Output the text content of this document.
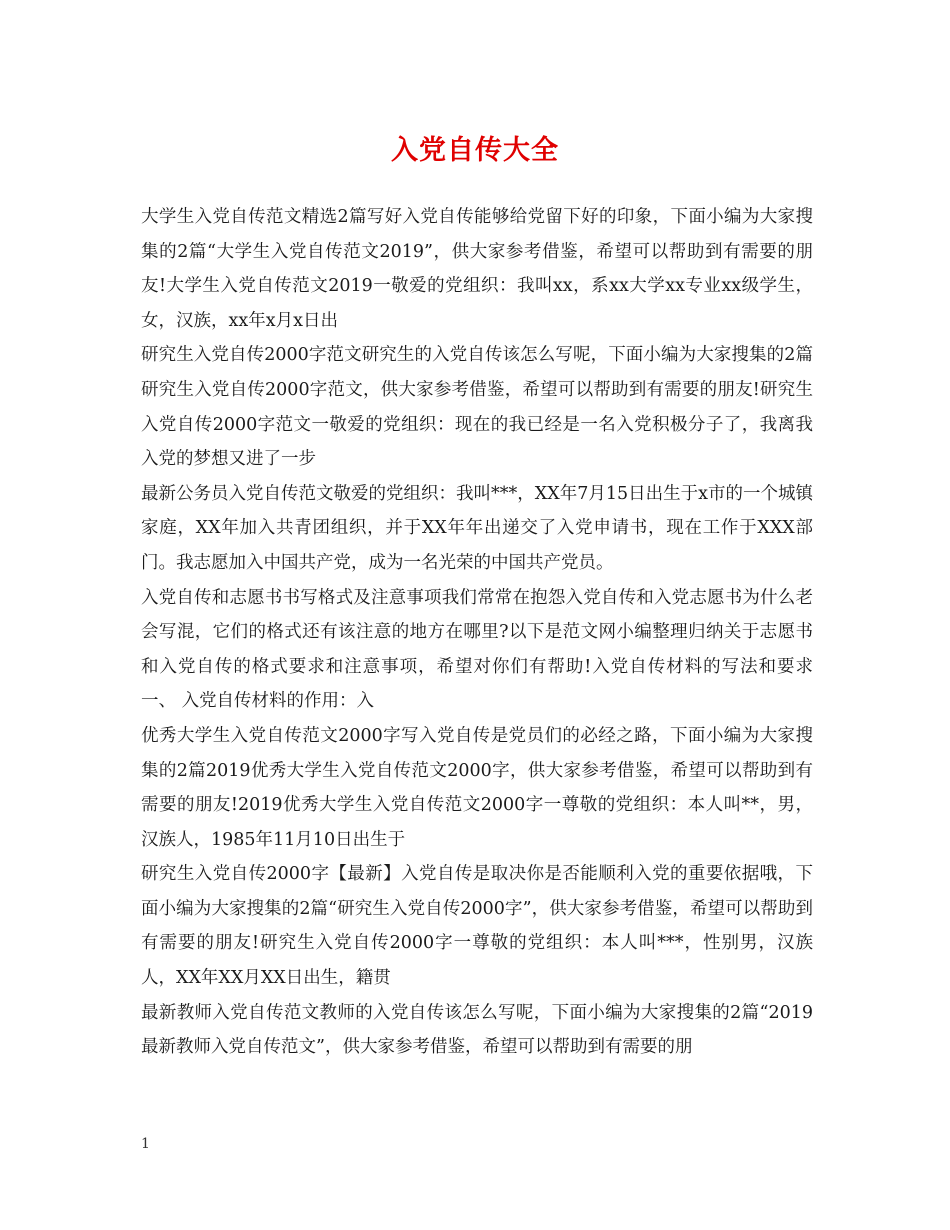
入党自传大全

大学生入党自传范文精选2篇写好入党自传能够给党留下好的印象，下面小编为大家搜集的2篇“大学生入党自传范文2019”，供大家参考借鉴，希望可以帮助到有需要的朋友!大学生入党自传范文2019一敬爱的党组织：我叫xx，系xx大学xx专业xx级学生，女，汉族，xx年x月x日出

研究生入党自传2000字范文研究生的入党自传该怎么写呢，下面小编为大家搜集的2篇研究生入党自传2000字范文，供大家参考借鉴，希望可以帮助到有需要的朋友!研究生入党自传2000字范文一敬爱的党组织：现在的我已经是一名入党积极分子了，我离我入党的梦想又进了一步

最新公务员入党自传范文敬爱的党组织：我叫***，XX年7月15日出生于x市的一个城镇家庭，XX年加入共青团组织，并于XX年年出递交了入党申请书，现在工作于XXX部门。我志愿加入中国共产党，成为一名光荣的中国共产党员。

入党自传和志愿书书写格式及注意事项我们常常在抱怨入党自传和入党志愿书为什么老会写混，它们的格式还有该注意的地方在哪里?以下是范文网小编整理归纳关于志愿书和入党自传的格式要求和注意事项，希望对你们有帮助!入党自传材料的写法和要求一、 入党自传材料的作用：入

优秀大学生入党自传范文2000字写入党自传是党员们的必经之路，下面小编为大家搜集的2篇2019优秀大学生入党自传范文2000字，供大家参考借鉴，希望可以帮助到有需要的朋友!2019优秀大学生入党自传范文2000字一尊敬的党组织：本人叫**，男，汉族人，1985年11月10日出生于

研究生入党自传2000字【最新】入党自传是取决你是否能顺利入党的重要依据哦，下面小编为大家搜集的2篇“研究生入党自传2000字”，供大家参考借鉴，希望可以帮助到有需要的朋友!研究生入党自传2000字一尊敬的党组织：本人叫***，性别男，汉族人，XX年XX月XX日出生，籍贯

最新教师入党自传范文教师的入党自传该怎么写呢，下面小编为大家搜集的2篇“2019最新教师入党自传范文”，供大家参考借鉴，希望可以帮助到有需要的朋

1
